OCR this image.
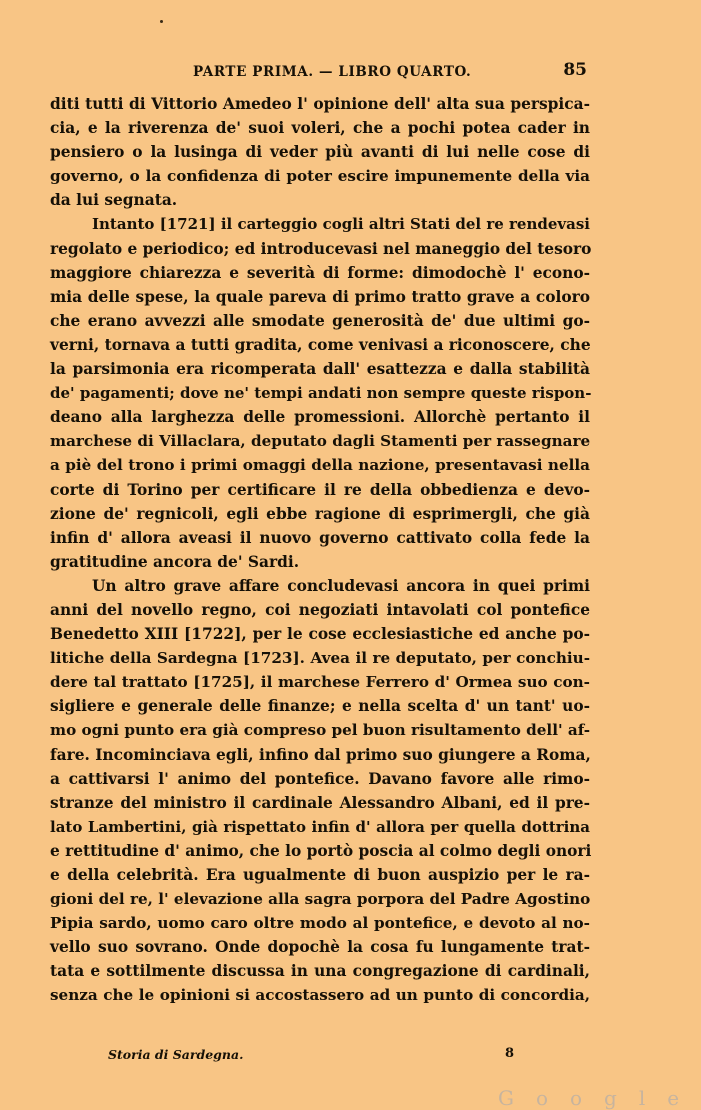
PARTE PRIMA. — LIBRO QUARTO.	85
diti tutti di Vittorio Amedeo l' opinione dell' alta sua perspica-
cia, e la riverenza de' suoi voleri, che a pochi potea cader in
pensiero o la lusinga di veder più avanti di lui nelle cose di
governo, o la confidenza di poter escire impunemente della via
da lui segnata.
Intanto [1721] il carteggio cogli altri Stati del re rendevasi
regolato e periodico; ed introducevasi nel maneggio del tesoro
maggiore chiarezza e severità di forme: dimodochè l' econo-
mia delle spese, la quale pareva di primo tratto grave a coloro
che erano avvezzi alle smodate generosità de' due ultimi go-
verni, tornava a tutti gradita, come venivasi a riconoscere, che
la parsimonia era ricomperata dall' esattezza e dalla stabilità
de' pagamenti; dove ne' tempi andati non sempre queste rispon-
deano alla larghezza delle promessioni. Allorchè pertanto il
marchese di Villaclara, deputato dagli Stamenti per rassegnare
a piè del trono i primi omaggi della nazione, presentavasi nella
corte di Torino per certificare il re della obbedienza e devo-
zione de' regnicoli, egli ebbe ragione di esprimergli, che già
infin d' allora aveasi il nuovo governo cattivato colla fede la
gratitudine ancora de' Sardi.
Un altro grave affare concludevasi ancora in quei primi
anni del novello regno, coi negoziati intavolati col pontefice
Benedetto XIII [1722], per le cose ecclesiastiche ed anche po-
litiche della Sardegna [1723]. Avea il re deputato, per conchiu-
dere tal trattato [1725], il marchese Ferrero d' Ormea suo con-
sigliere e generale delle finanze; e nella scelta d' un tant' uo-
mo ogni punto era già compreso pel buon risultamento dell' af-
fare. Incominciava egli, infino dal primo suo giungere a Roma,
a cattivarsi l' animo del pontefice. Davano favore alle rimo-
stranze del ministro il cardinale Alessandro Albani, ed il pre-
lato Lambertini, già rispettato infin d' allora per quella dottrina
e rettitudine d' animo, che lo portò poscia al colmo degli onori
e della celebrità. Era ugualmente di buon auspizio per le ra-
gioni del re, l' elevazione alla sagra porpora del Padre Agostino
Pipia sardo, uomo caro oltre modo al pontefice, e devoto al no-
vello suo sovrano. Onde dopochè la cosa fu lungamente trat-
tata e sottilmente discussa in una congregazione di cardinali,
senza che le opinioni si accostassero ad un punto di concordia,
Storia di Sardegna.	8
Google
